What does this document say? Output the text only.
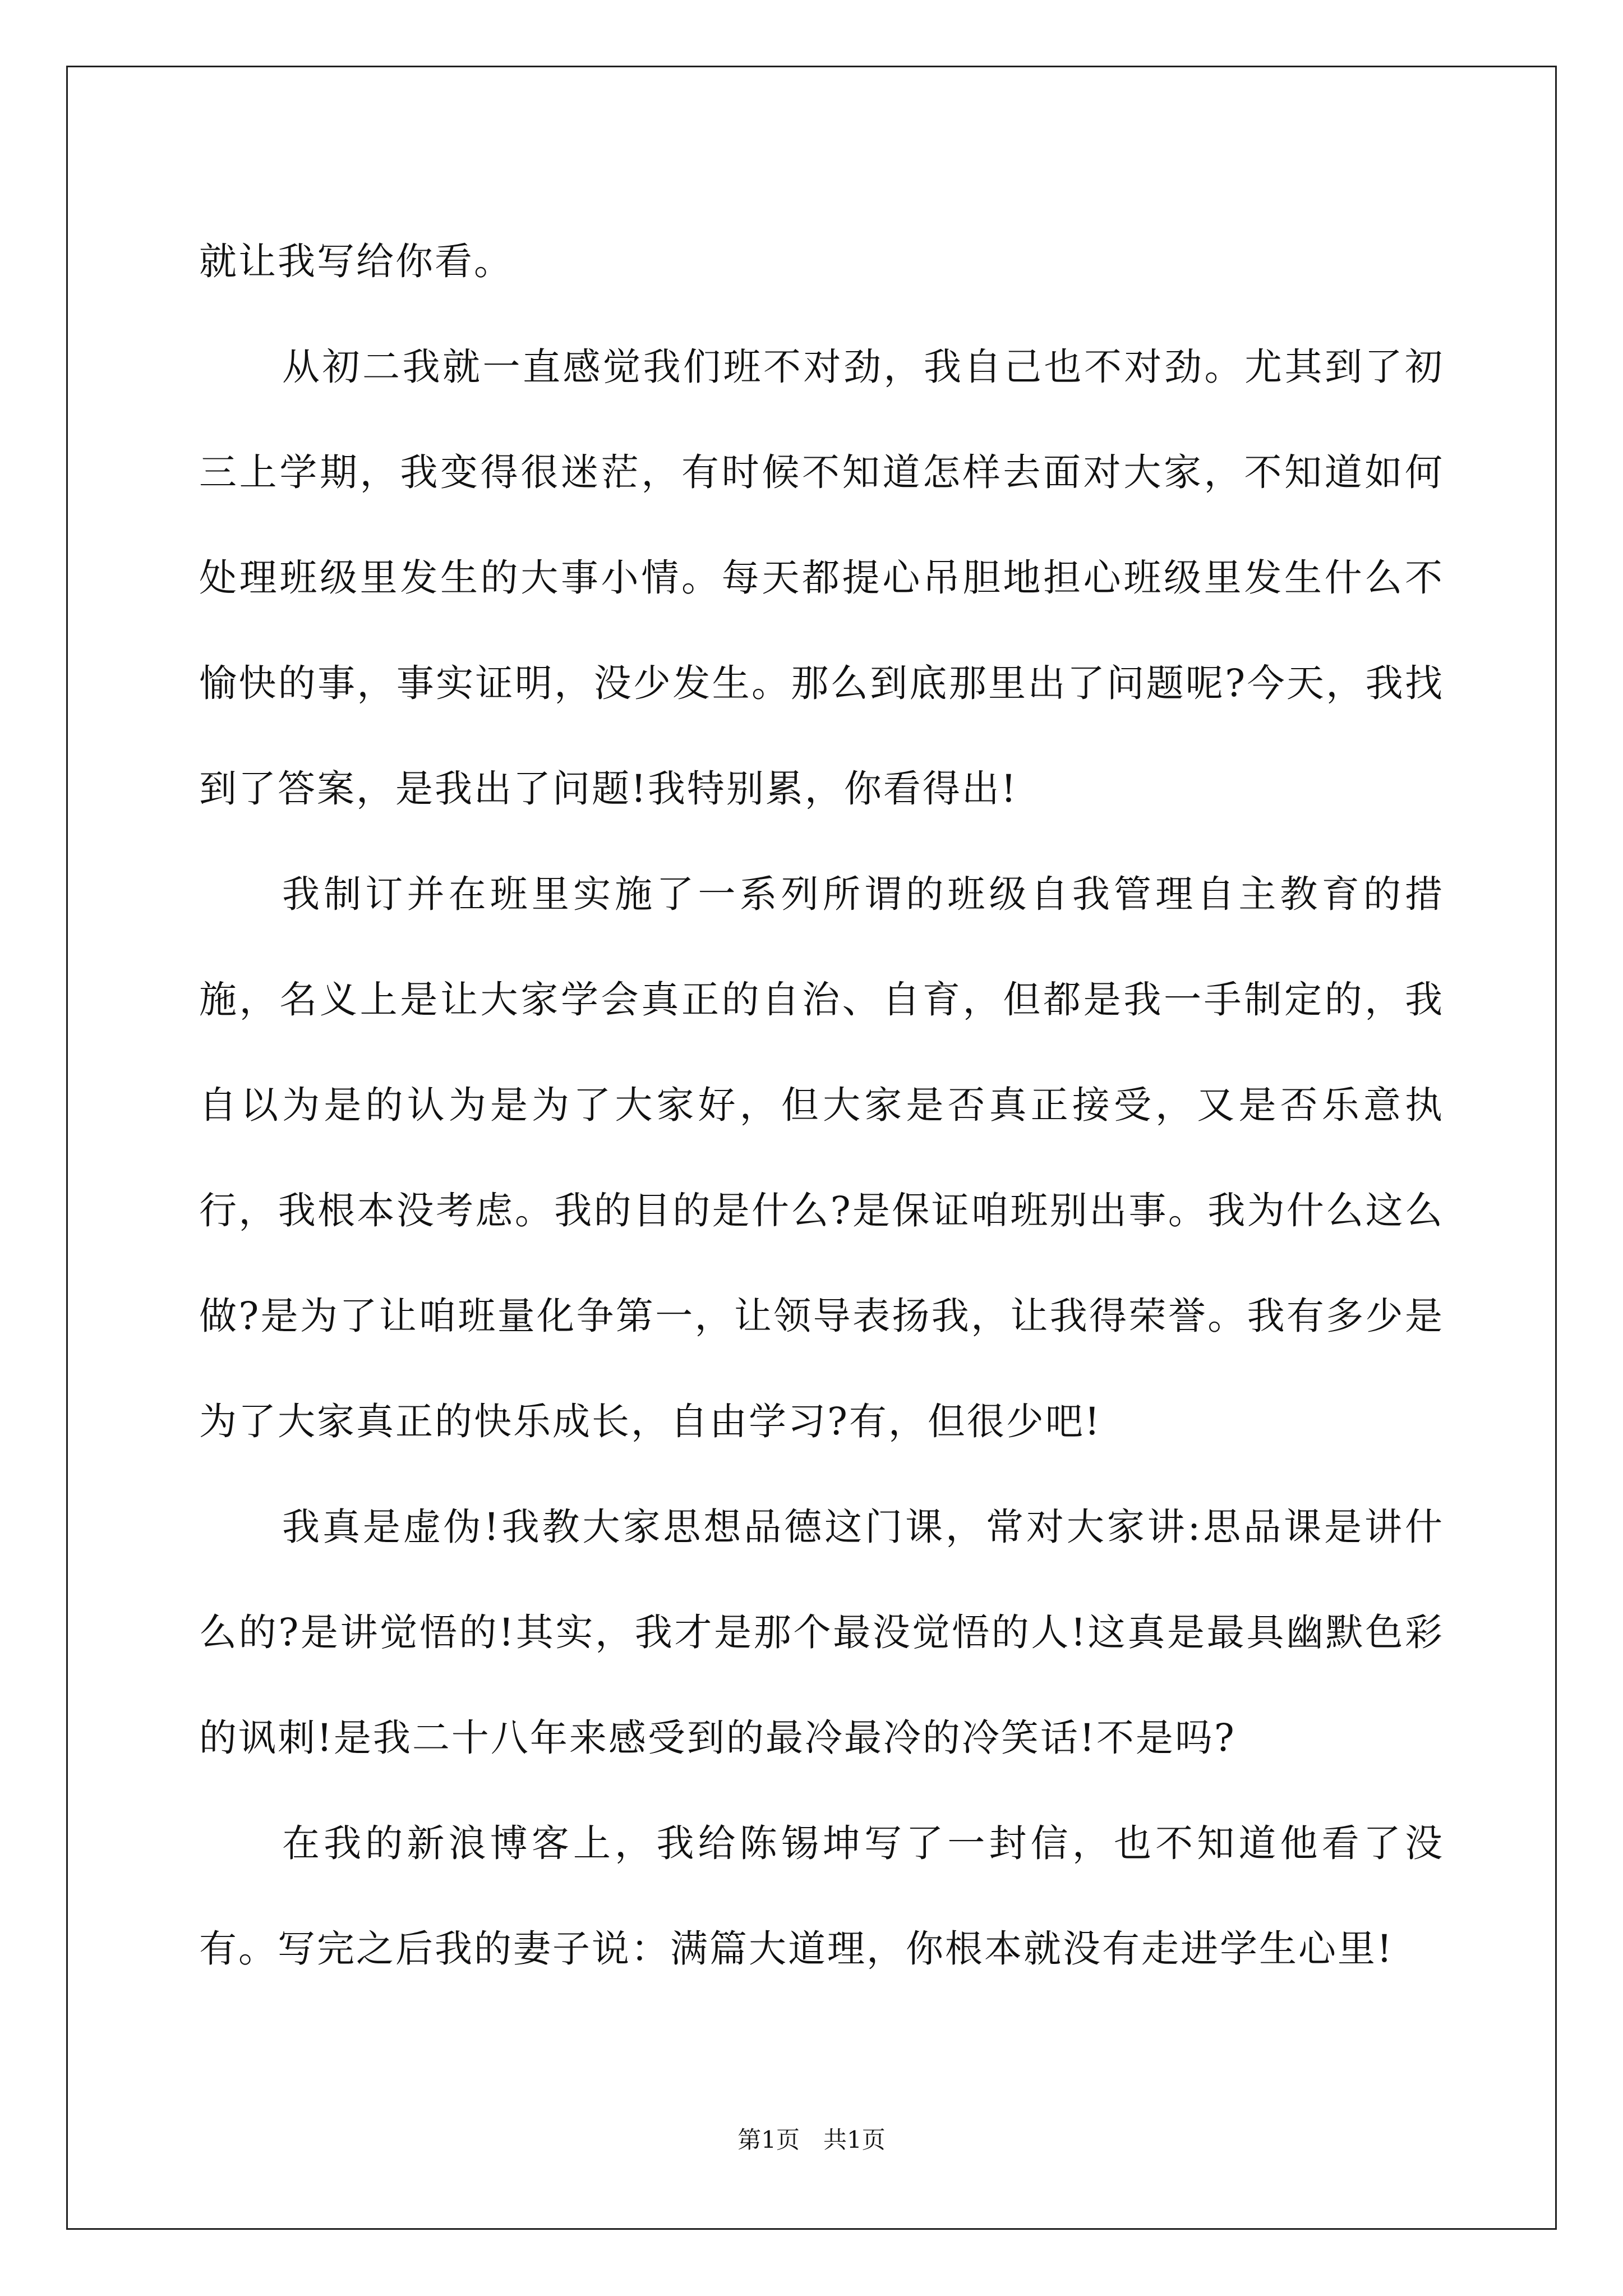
就让我写给你看。

从初二我就一直感觉我们班不对劲，我自己也不对劲。尤其到了初三上学期，我变得很迷茫，有时候不知道怎样去面对大家，不知道如何处理班级里发生的大事小情。每天都提心吊胆地担心班级里发生什么不愉快的事，事实证明，没少发生。那么到底那里出了问题呢?今天，我找到了答案，是我出了问题!我特别累，你看得出!

我制订并在班里实施了一系列所谓的班级自我管理自主教育的措施，名义上是让大家学会真正的自治、自育，但都是我一手制定的，我自以为是的认为是为了大家好，但大家是否真正接受，又是否乐意执行，我根本没考虑。我的目的是什么?是保证咱班别出事。我为什么这么做?是为了让咱班量化争第一，让领导表扬我，让我得荣誉。我有多少是为了大家真正的快乐成长，自由学习?有，但很少吧!

我真是虚伪!我教大家思想品德这门课，常对大家讲:思品课是讲什么的?是讲觉悟的!其实，我才是那个最没觉悟的人!这真是最具幽默色彩的讽刺!是我二十八年来感受到的最冷最冷的冷笑话!不是吗?

在我的新浪博客上，我给陈锡坤写了一封信，也不知道他看了没有。写完之后我的妻子说：满篇大道理，你根本就没有走进学生心里!

第1页　共1页
